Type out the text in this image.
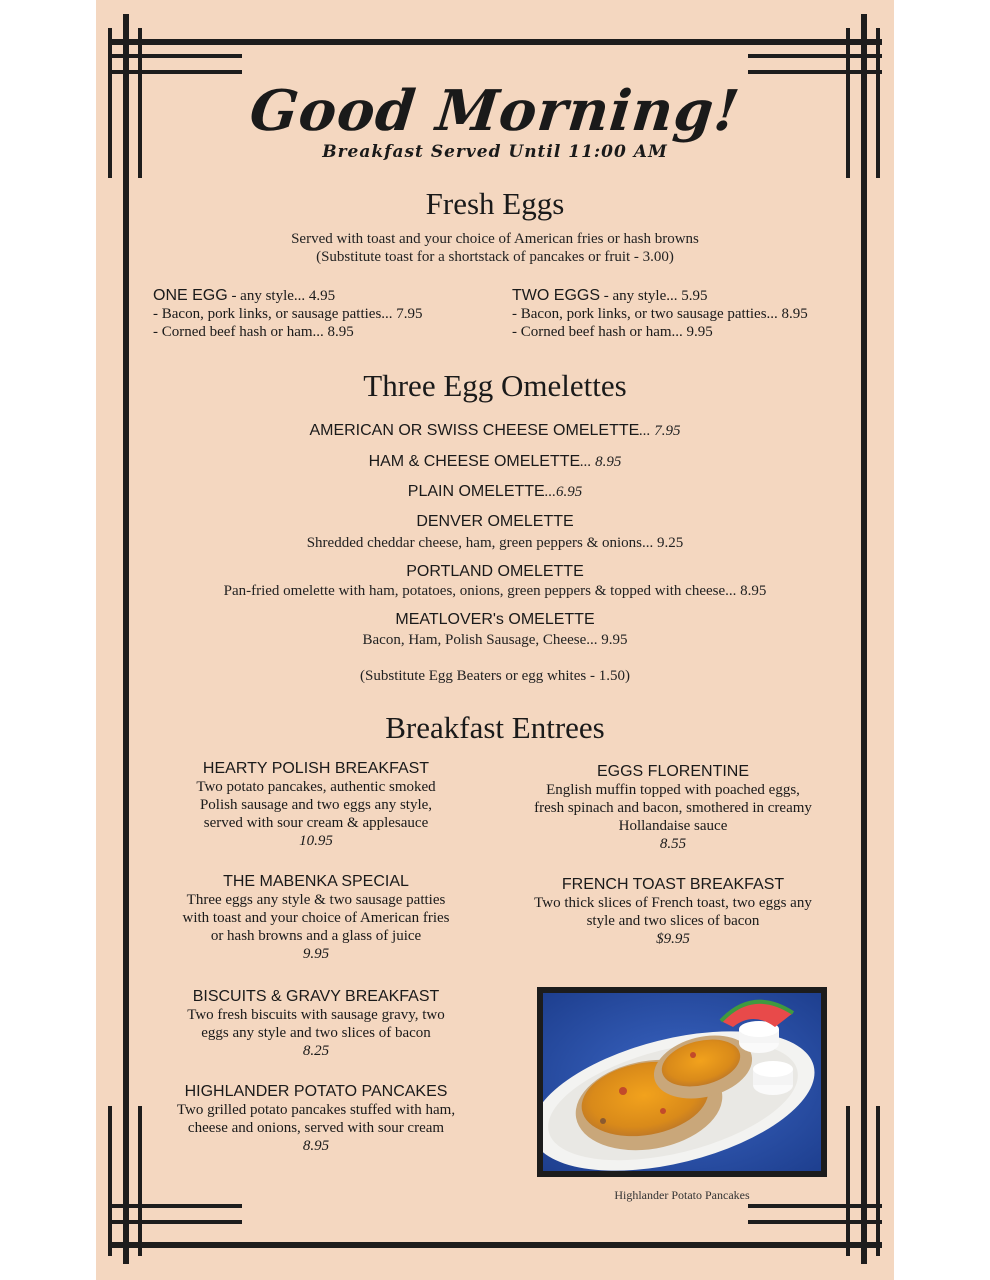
Good Morning!
Breakfast Served Until 11:00 AM
Fresh Eggs
Served with toast and your choice of American fries or hash browns
(Substitute toast for a shortstack of pancakes or fruit - 3.00)
ONE EGG - any style... 4.95
- Bacon, pork links, or sausage patties... 7.95
- Corned beef hash or ham... 8.95
TWO EGGS - any style... 5.95
- Bacon, pork links, or two sausage patties... 8.95
- Corned beef hash or ham... 9.95
Three Egg Omelettes
AMERICAN OR SWISS CHEESE OMELETTE... 7.95
HAM & CHEESE OMELETTE... 8.95
PLAIN OMELETTE...6.95
DENVER OMELETTE
Shredded cheddar cheese, ham, green peppers & onions... 9.25
PORTLAND OMELETTE
Pan-fried omelette with ham, potatoes, onions, green peppers & topped with cheese... 8.95
MEATLOVER's OMELETTE
Bacon, Ham, Polish Sausage, Cheese... 9.95
(Substitute Egg Beaters or egg whites - 1.50)
Breakfast Entrees
HEARTY POLISH BREAKFAST
Two potato pancakes, authentic smoked
Polish sausage and two eggs any style,
served with sour cream & applesauce
10.95
THE MABENKA SPECIAL
Three eggs any style & two sausage patties
with toast and your choice of American fries
or hash browns and a glass of juice
9.95
BISCUITS & GRAVY BREAKFAST
Two fresh biscuits with sausage gravy, two
eggs any style and two slices of bacon
8.25
HIGHLANDER POTATO PANCAKES
Two grilled potato pancakes stuffed with ham,
cheese and onions, served with sour cream
8.95
EGGS FLORENTINE
English muffin topped with poached eggs,
fresh spinach and bacon, smothered in creamy
Hollandaise sauce
8.55
FRENCH TOAST BREAKFAST
Two thick slices of French toast, two eggs any
style and two slices of bacon
$9.95
Highlander Potato Pancakes
